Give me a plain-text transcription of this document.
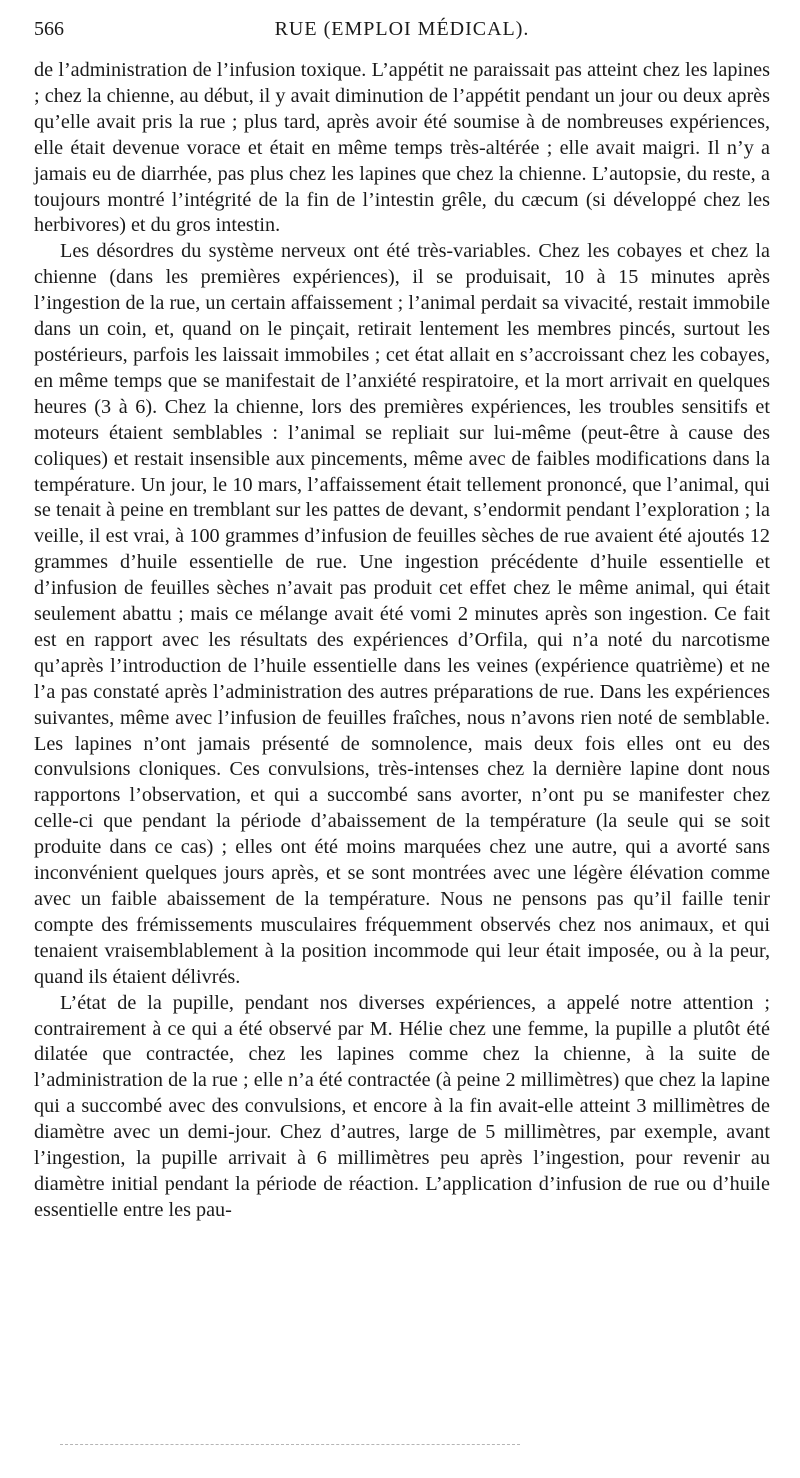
566	RUE (EMPLOI MÉDICAL).

de l’administration de l’infusion toxique. L’appétit ne paraissait pas atteint chez les lapines ; chez la chienne, au début, il y avait diminution de l’appétit pendant un jour ou deux après qu’elle avait pris la rue ; plus tard, après avoir été soumise à de nombreuses expériences, elle était devenue vorace et était en même temps très-altérée ; elle avait maigri. Il n’y a jamais eu de diarrhée, pas plus chez les lapines que chez la chienne. L’autopsie, du reste, a toujours montré l’intégrité de la fin de l’intestin grêle, du cæcum (si développé chez les herbivores) et du gros intestin.

Les désordres du système nerveux ont été très-variables. Chez les cobayes et chez la chienne (dans les premières expériences), il se produisait, 10 à 15 minutes après l’ingestion de la rue, un certain affaissement ; l’animal perdait sa vivacité, restait immobile dans un coin, et, quand on le pinçait, retirait lentement les membres pincés, surtout les postérieurs, parfois les laissait immobiles ; cet état allait en s’accroissant chez les cobayes, en même temps que se manifestait de l’anxiété respiratoire, et la mort arrivait en quelques heures (3 à 6). Chez la chienne, lors des premières expériences, les troubles sensitifs et moteurs étaient semblables : l’animal se repliait sur lui-même (peut-être à cause des coliques) et restait insensible aux pincements, même avec de faibles modifications dans la température. Un jour, le 10 mars, l’affaissement était tellement prononcé, que l’animal, qui se tenait à peine en tremblant sur les pattes de devant, s’endormit pendant l’exploration ; la veille, il est vrai, à 100 grammes d’infusion de feuilles sèches de rue avaient été ajoutés 12 grammes d’huile essentielle de rue. Une ingestion précédente d’huile essentielle et d’infusion de feuilles sèches n’avait pas produit cet effet chez le même animal, qui était seulement abattu ; mais ce mélange avait été vomi 2 minutes après son ingestion. Ce fait est en rapport avec les résultats des expériences d’Orfila, qui n’a noté du narcotisme qu’après l’introduction de l’huile essentielle dans les veines (expérience quatrième) et ne l’a pas constaté après l’administration des autres préparations de rue. Dans les expériences suivantes, même avec l’infusion de feuilles fraîches, nous n’avons rien noté de semblable. Les lapines n’ont jamais présenté de somnolence, mais deux fois elles ont eu des convulsions cloniques. Ces convulsions, très-intenses chez la dernière lapine dont nous rapportons l’observation, et qui a succombé sans avorter, n’ont pu se manifester chez celle-ci que pendant la période d’abaissement de la température (la seule qui se soit produite dans ce cas) ; elles ont été moins marquées chez une autre, qui a avorté sans inconvénient quelques jours après, et se sont montrées avec une légère élévation comme avec un faible abaissement de la température. Nous ne pensons pas qu’il faille tenir compte des frémissements musculaires fréquemment observés chez nos animaux, et qui tenaient vraisemblablement à la position incommode qui leur était imposée, ou à la peur, quand ils étaient délivrés.

L’état de la pupille, pendant nos diverses expériences, a appelé notre attention ; contrairement à ce qui a été observé par M. Hélie chez une femme, la pupille a plutôt été dilatée que contractée, chez les lapines comme chez la chienne, à la suite de l’administration de la rue ; elle n’a été contractée (à peine 2 millimètres) que chez la lapine qui a succombé avec des convulsions, et encore à la fin avait-elle atteint 3 millimètres de diamètre avec un demi-jour. Chez d’autres, large de 5 millimètres, par exemple, avant l’ingestion, la pupille arrivait à 6 millimètres peu après l’ingestion, pour revenir au diamètre initial pendant la période de réaction. L’application d’infusion de rue ou d’huile essentielle entre les pau-
